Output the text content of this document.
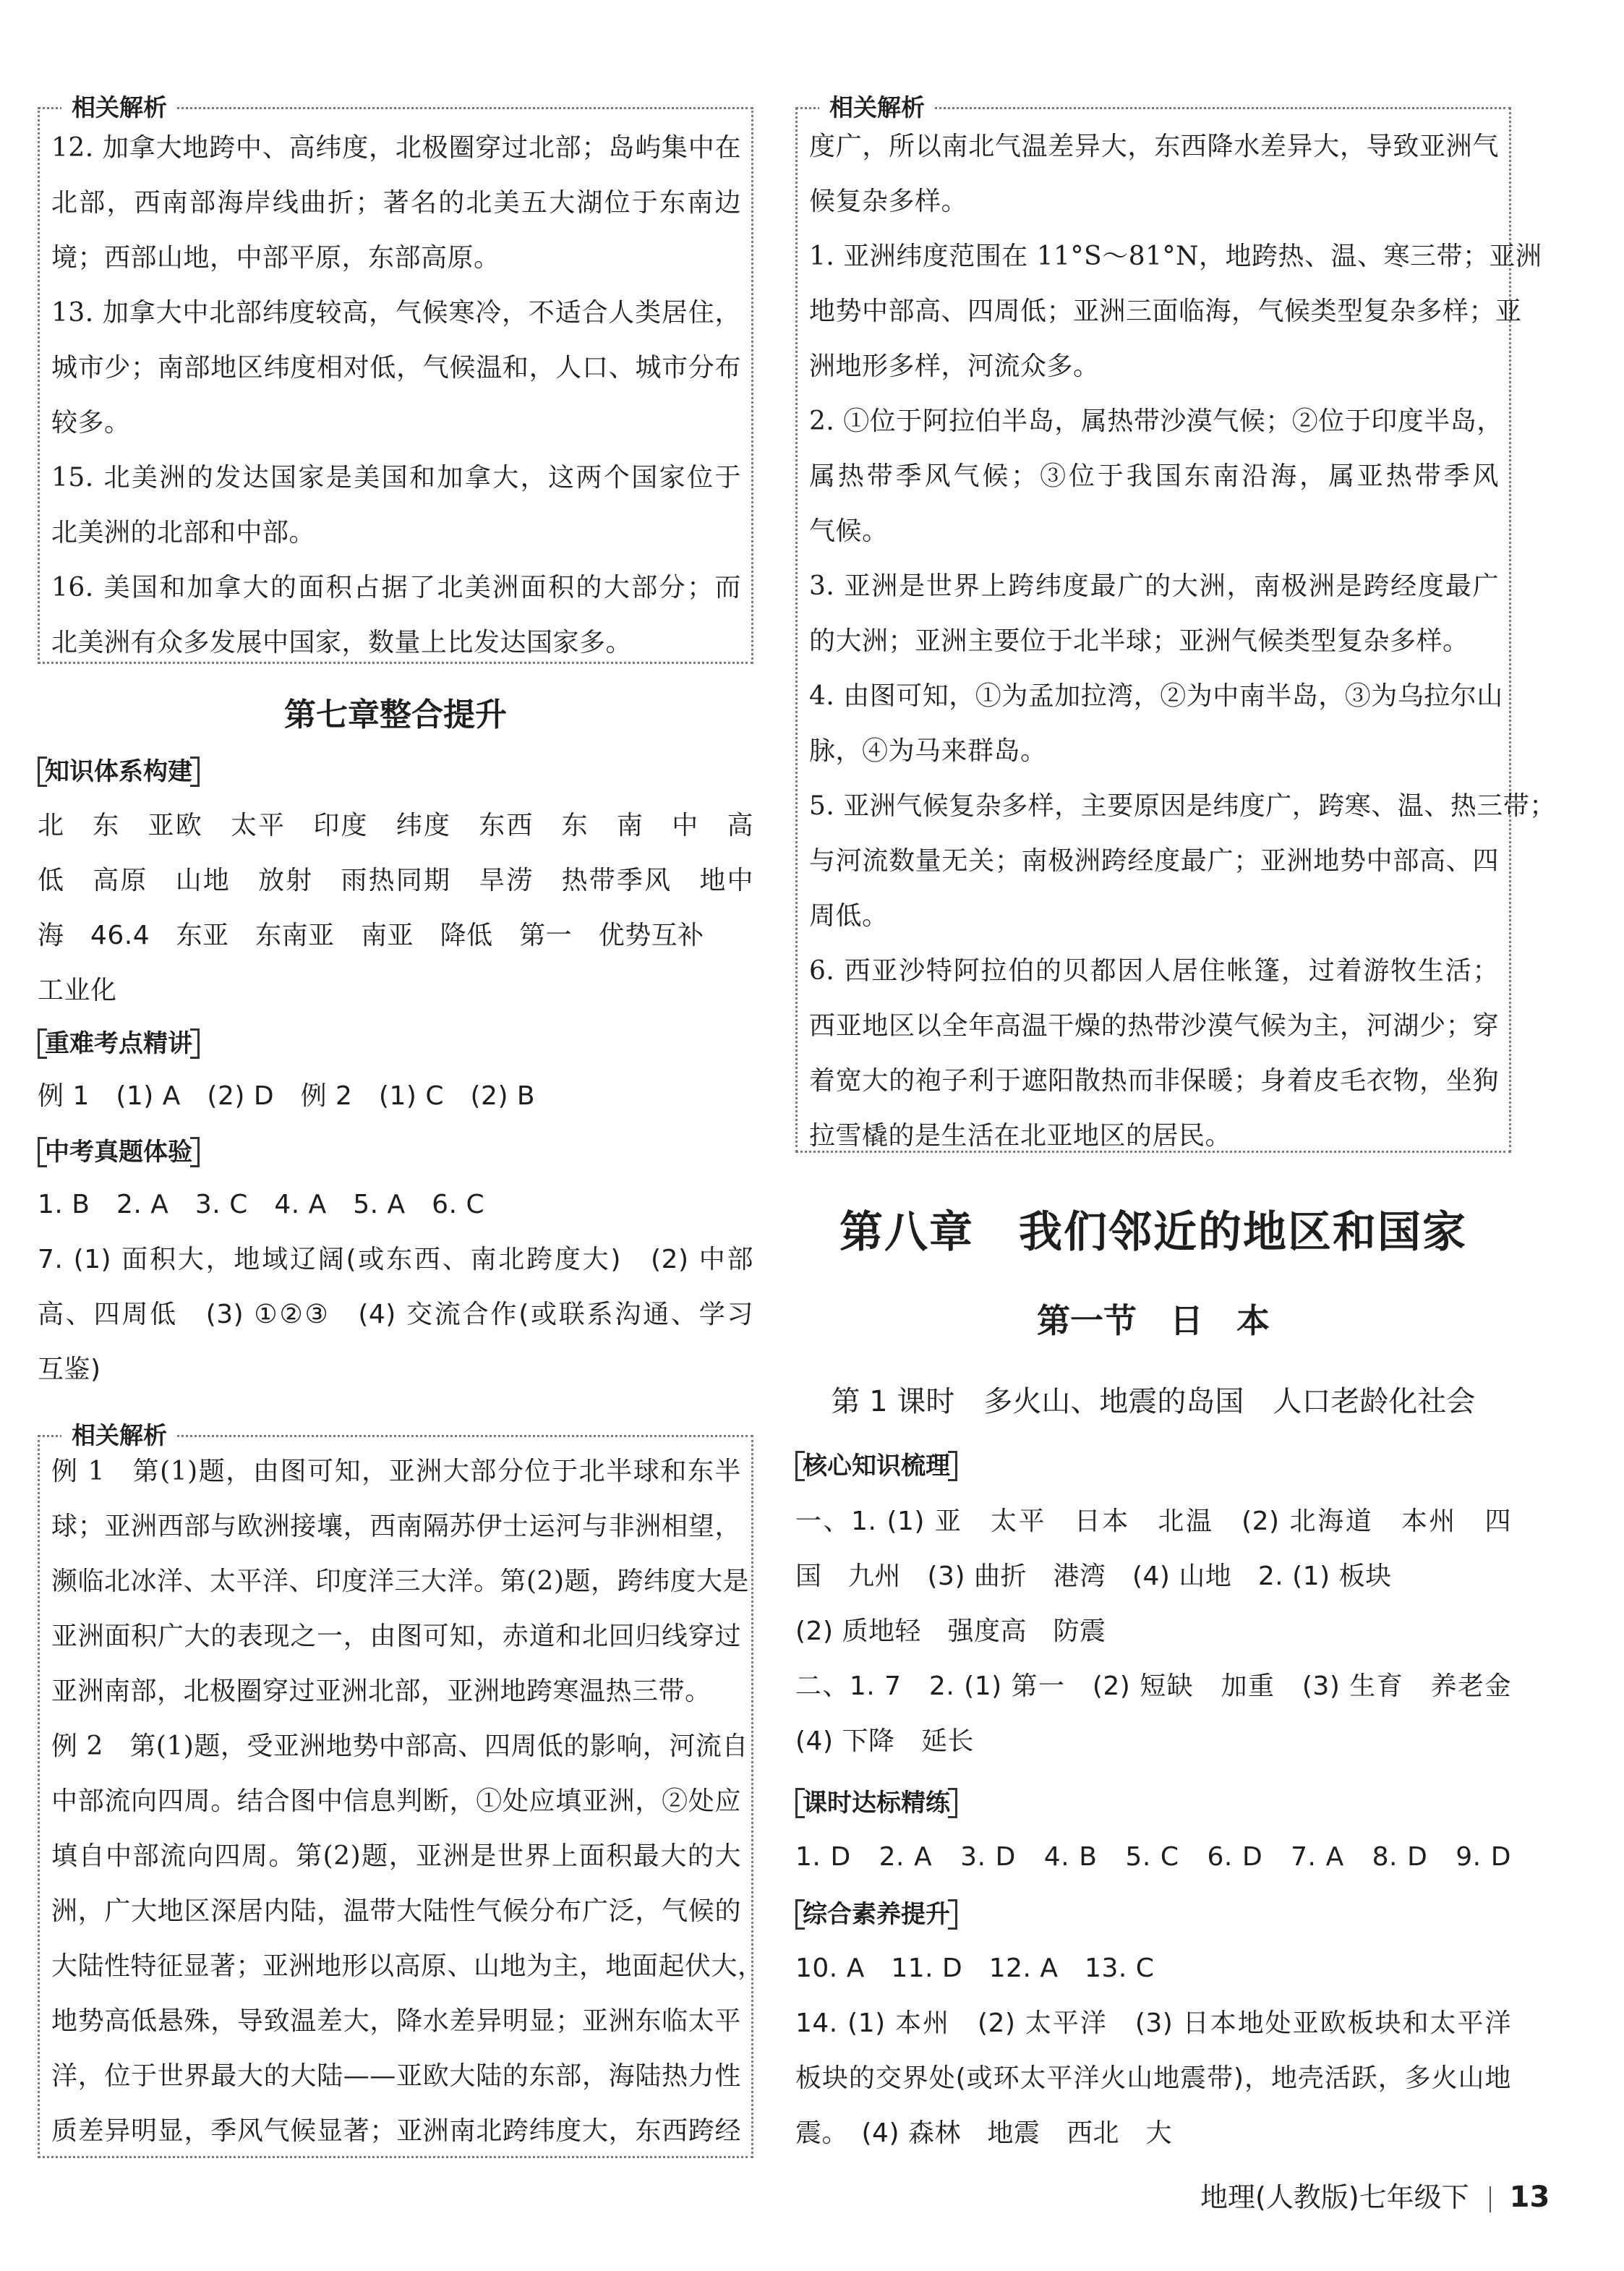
相关解析
12. 加拿大地跨中、高纬度，北极圈穿过北部；岛屿集中在
北部，西南部海岸线曲折；著名的北美五大湖位于东南边
境；西部山地，中部平原，东部高原。
13. 加拿大中北部纬度较高，气候寒冷，不适合人类居住，
城市少；南部地区纬度相对低，气候温和，人口、城市分布
较多。
15. 北美洲的发达国家是美国和加拿大，这两个国家位于
北美洲的北部和中部。
16. 美国和加拿大的面积占据了北美洲面积的大部分；而
北美洲有众多发展中国家，数量上比发达国家多。
第七章整合提升
知识体系构建
北　东　亚欧　太平　印度　纬度　东西　东　南　中　高
低　高原　山地　放射　雨热同期　旱涝　热带季风　地中
海　46.4　东亚　东南亚　南亚　降低　第一　优势互补
工业化
重难考点精讲
例 1　(1) A　(2) D　例 2　(1) C　(2) B
中考真题体验
1. B　2. A　3. C　4. A　5. A　6. C
7. (1) 面积大，地域辽阔(或东西、南北跨度大)　(2) 中部
高、四周低　(3) ①②③　(4) 交流合作(或联系沟通、学习
互鉴)
相关解析
例 1　第(1)题，由图可知，亚洲大部分位于北半球和东半
球；亚洲西部与欧洲接壤，西南隔苏伊士运河与非洲相望，
濒临北冰洋、太平洋、印度洋三大洋。第(2)题，跨纬度大是
亚洲面积广大的表现之一，由图可知，赤道和北回归线穿过
亚洲南部，北极圈穿过亚洲北部，亚洲地跨寒温热三带。
例 2　第(1)题，受亚洲地势中部高、四周低的影响，河流自
中部流向四周。结合图中信息判断，①处应填亚洲，②处应
填自中部流向四周。第(2)题，亚洲是世界上面积最大的大
洲，广大地区深居内陆，温带大陆性气候分布广泛，气候的
大陆性特征显著；亚洲地形以高原、山地为主，地面起伏大，
地势高低悬殊，导致温差大，降水差异明显；亚洲东临太平
洋，位于世界最大的大陆——亚欧大陆的东部，海陆热力性
质差异明显，季风气候显著；亚洲南北跨纬度大，东西跨经
相关解析
度广，所以南北气温差异大，东西降水差异大，导致亚洲气
候复杂多样。
1. 亚洲纬度范围在 11°S～81°N，地跨热、温、寒三带；亚洲
地势中部高、四周低；亚洲三面临海，气候类型复杂多样；亚
洲地形多样，河流众多。
2. ①位于阿拉伯半岛，属热带沙漠气候；②位于印度半岛，
属热带季风气候；③位于我国东南沿海，属亚热带季风
气候。
3. 亚洲是世界上跨纬度最广的大洲，南极洲是跨经度最广
的大洲；亚洲主要位于北半球；亚洲气候类型复杂多样。
4. 由图可知，①为孟加拉湾，②为中南半岛，③为乌拉尔山
脉，④为马来群岛。
5. 亚洲气候复杂多样，主要原因是纬度广，跨寒、温、热三带；
与河流数量无关；南极洲跨经度最广；亚洲地势中部高、四
周低。
6. 西亚沙特阿拉伯的贝都因人居住帐篷，过着游牧生活；
西亚地区以全年高温干燥的热带沙漠气候为主，河湖少；穿
着宽大的袍子利于遮阳散热而非保暖；身着皮毛衣物，坐狗
拉雪橇的是生活在北亚地区的居民。
第八章　我们邻近的地区和国家
第一节　日　本
第 1 课时　多火山、地震的岛国　人口老龄化社会
核心知识梳理
一、1. (1) 亚　太平　日本　北温　(2) 北海道　本州　四
国　九州　(3) 曲折　港湾　(4) 山地　2. (1) 板块
(2) 质地轻　强度高　防震
二、1. 7　2. (1) 第一　(2) 短缺　加重　(3) 生育　养老金
(4) 下降　延长
课时达标精练
1. D　2. A　3. D　4. B　5. C　6. D　7. A　8. D　9. D
综合素养提升
10. A　11. D　12. A　13. C
14. (1) 本州　(2) 太平洋　(3) 日本地处亚欧板块和太平洋
板块的交界处(或环太平洋火山地震带)，地壳活跃，多火山地
震。　(4) 森林　地震　西北　大
地理(人教版)七年级下 13
